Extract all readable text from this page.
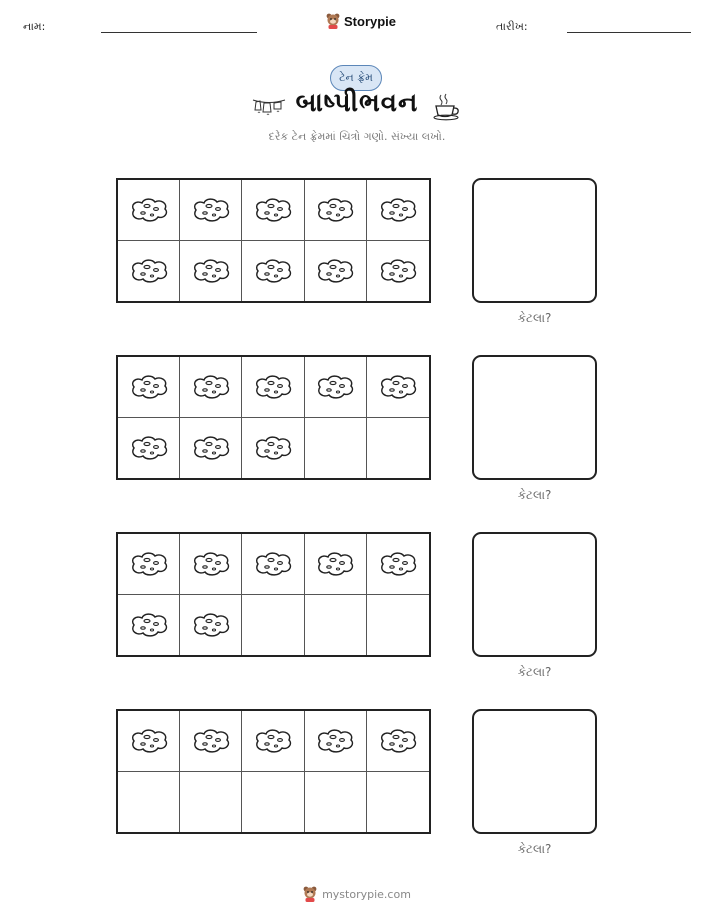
નામ:	Storypie	તારીખ:
ટેન ફ્રેમ
બાષ્પીભવન
દરેક ટેન ફ્રેમમાં ચિત્રો ગણો. સંખ્યા લખો.
કેટલા?
કેટલા?
કેટલા?
કેટલા?
mystorypie.com
